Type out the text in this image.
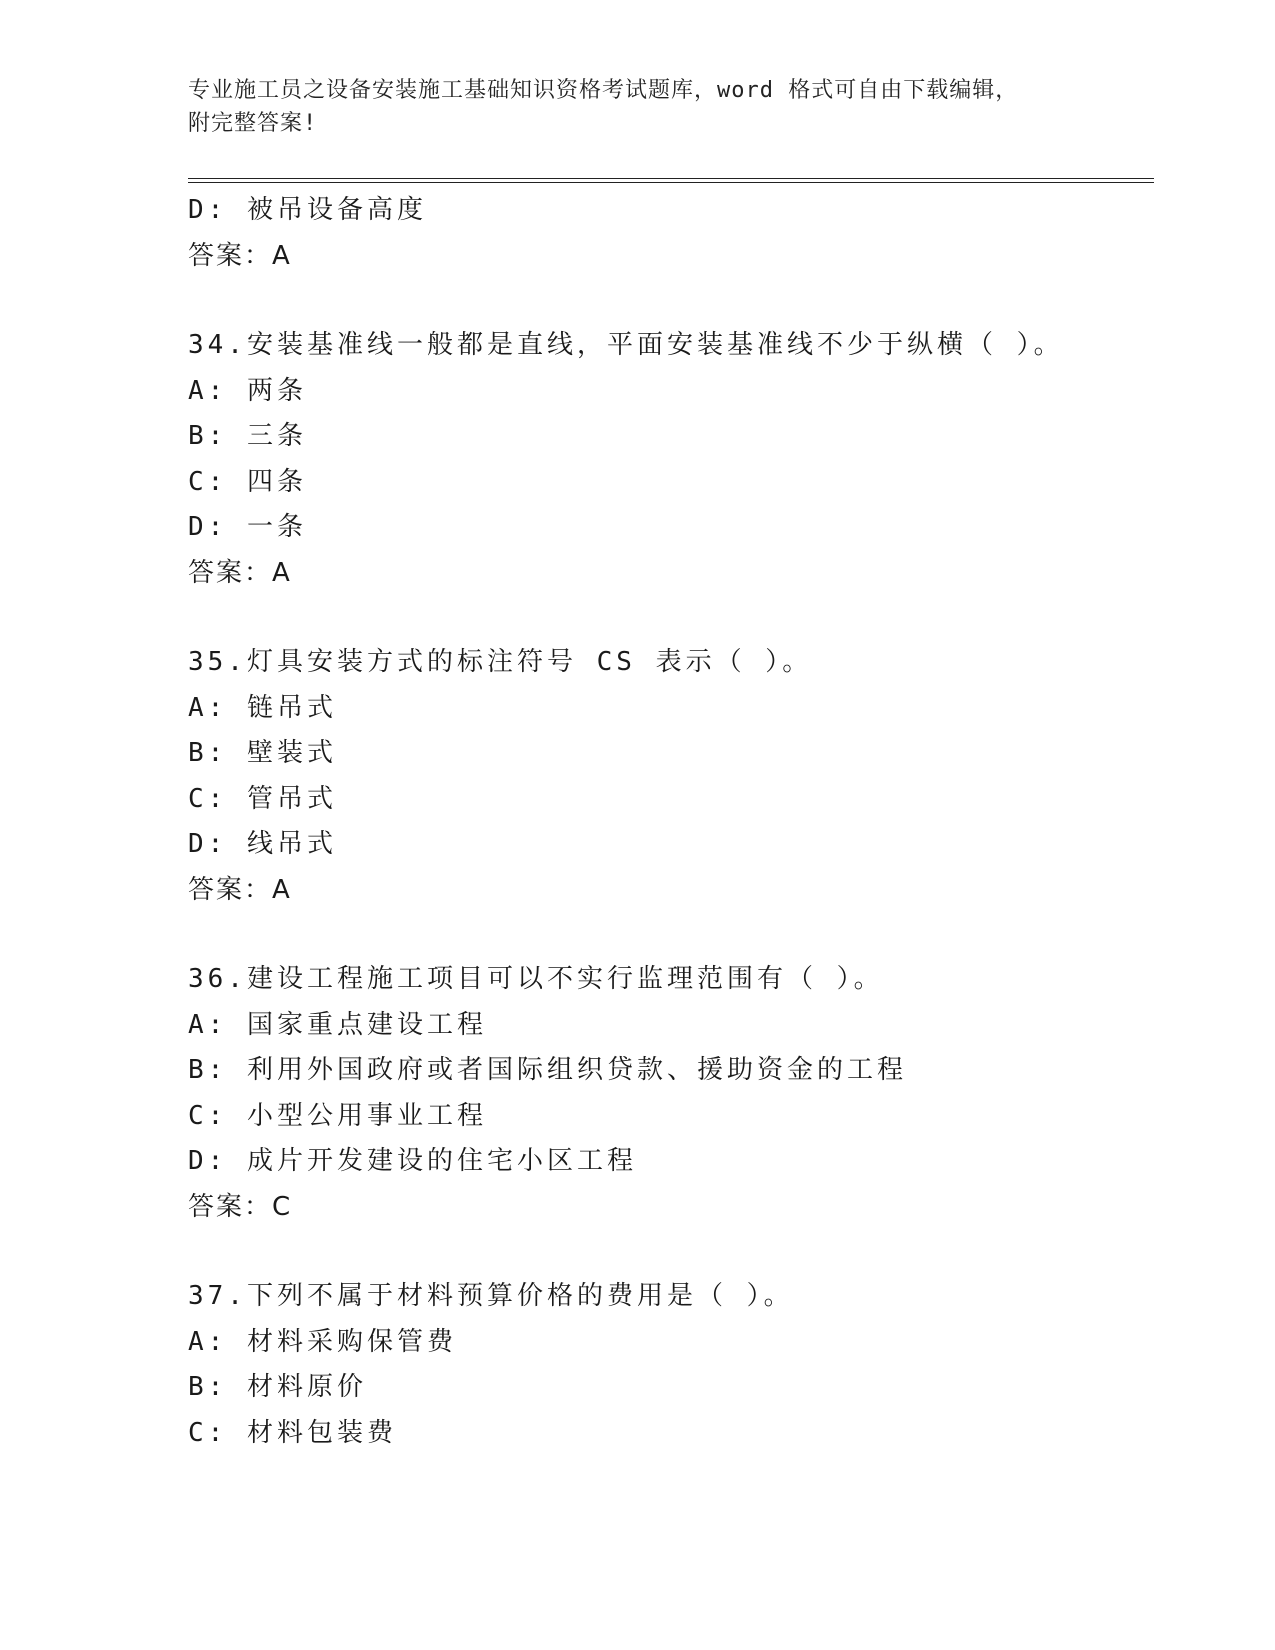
专业施工员之设备安装施工基础知识资格考试题库，word 格式可自由下载编辑，
附完整答案!
D: 被吊设备高度
答案：A
34.安装基准线一般都是直线，平面安装基准线不少于纵横（ ）。
A: 两条
B: 三条
C: 四条
D: 一条
答案：A
35.灯具安装方式的标注符号 CS 表示（ ）。
A: 链吊式
B: 壁装式
C: 管吊式
D: 线吊式
答案：A
36.建设工程施工项目可以不实行监理范围有（ ）。
A: 国家重点建设工程
B: 利用外国政府或者国际组织贷款、援助资金的工程
C: 小型公用事业工程
D: 成片开发建设的住宅小区工程
答案：C
37.下列不属于材料预算价格的费用是（ ）。
A: 材料采购保管费
B: 材料原价
C: 材料包装费
